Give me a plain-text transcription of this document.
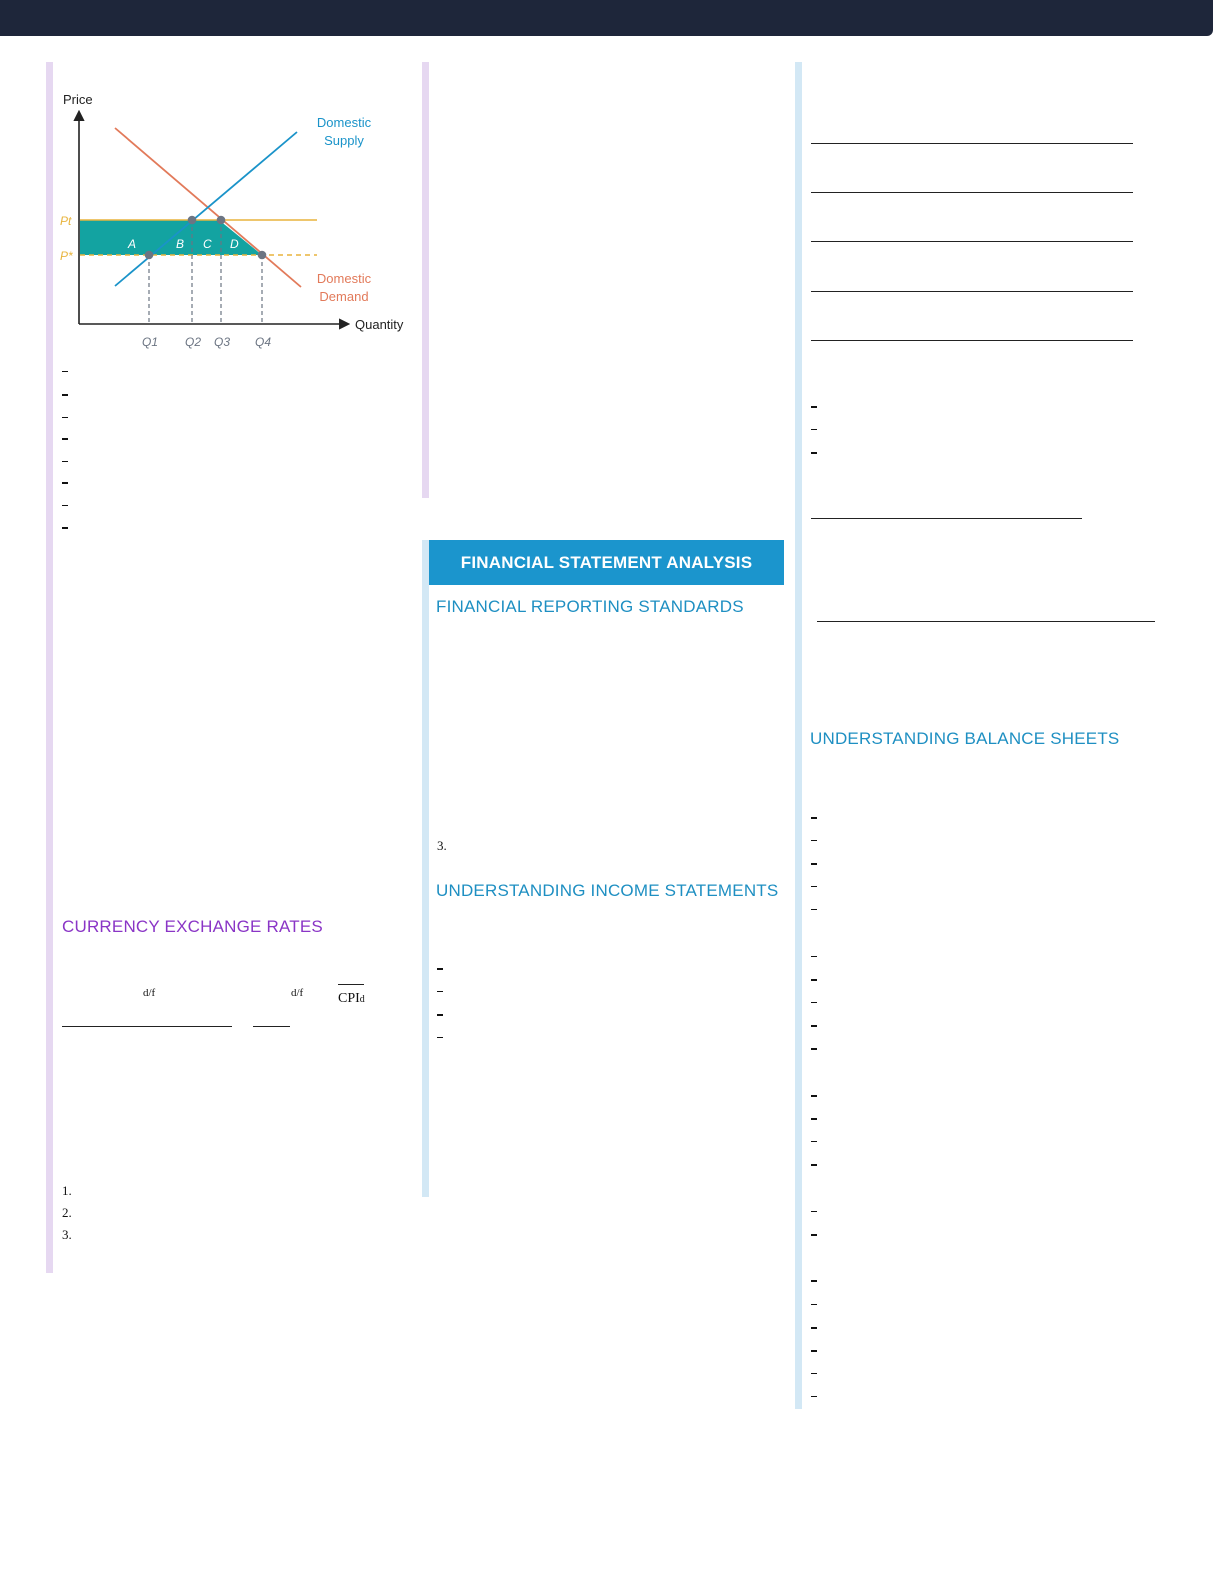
Price
Quantity
Pt
P*
Q1 Q2 Q3 Q4
A	B C D
Domestic
Supply
Domestic
Demand
CURRENCY EXCHANGE RATES
d/f	d/f CPId
1.
2.
3.
FINANCIAL STATEMENT ANALYSIS
FINANCIAL REPORTING STANDARDS
3.
UNDERSTANDING INCOME STATEMENTS
UNDERSTANDING BALANCE SHEETS
